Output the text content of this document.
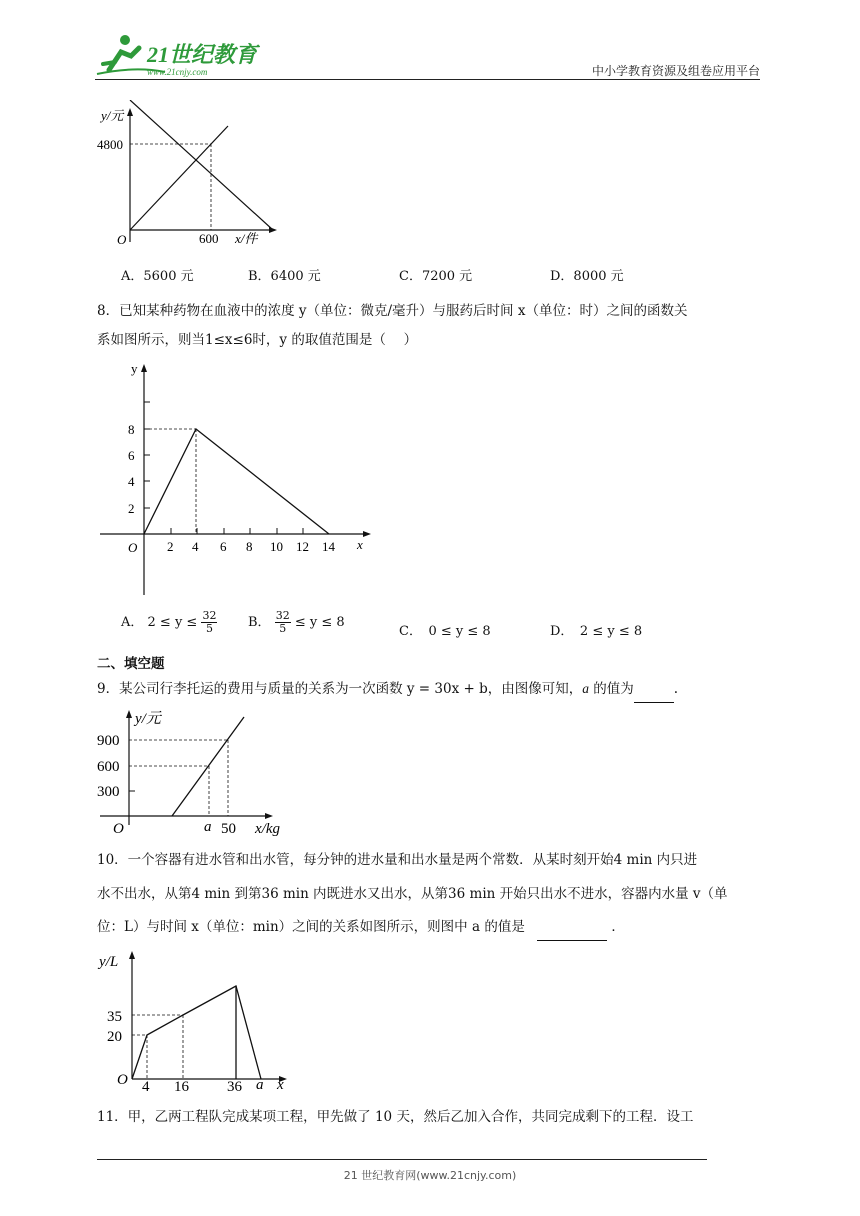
21世纪教育
www.21cnjy.com	中小学教育资源及组卷应用平台
y/元
4800
O	600 x/件
A．5600 元	B．6400 元	C．7200 元	D．8000 元
8．已知某种药物在血液中的浓度 y（单位：微克/毫升）与服药后时间 x（单位：时）之间的函数关
系如图所示，则当1≤x≤6时，y 的取值范围是（　 ）
y
2
4
6
8
O 2 4 6 8 10 12 14 x
A． $2 \le y \le \frac{32}{5}$ B． $\frac{32}{5} \le y \le 8$
C．　0 ≤ y ≤ 8	D．　2 ≤ y ≤ 8
二、填空题
9．某公司行李托运的费用与质量的关系为一次函数 y = 30x + b，由图像可知，a 的值为	.
y/元
300
600
900
O	a 50 x/kg
10．一个容器有进水管和出水管，每分钟的进水量和出水量是两个常数．从某时刻开始4 min 内只进
水不出水，从第4 min 到第36 min 内既进水又出水，从第36 min 开始只出水不进水，容器内水量 v（单
位：L）与时间 x（单位：min）之间的关系如图所示，则图中 a 的值是	．
y/L
20
35
O 4 16	36 a x
11．甲，乙两工程队完成某项工程，甲先做了 10 天，然后乙加入合作，共同完成剩下的工程．设工
21 世纪教育网(www.21cnjy.com)
